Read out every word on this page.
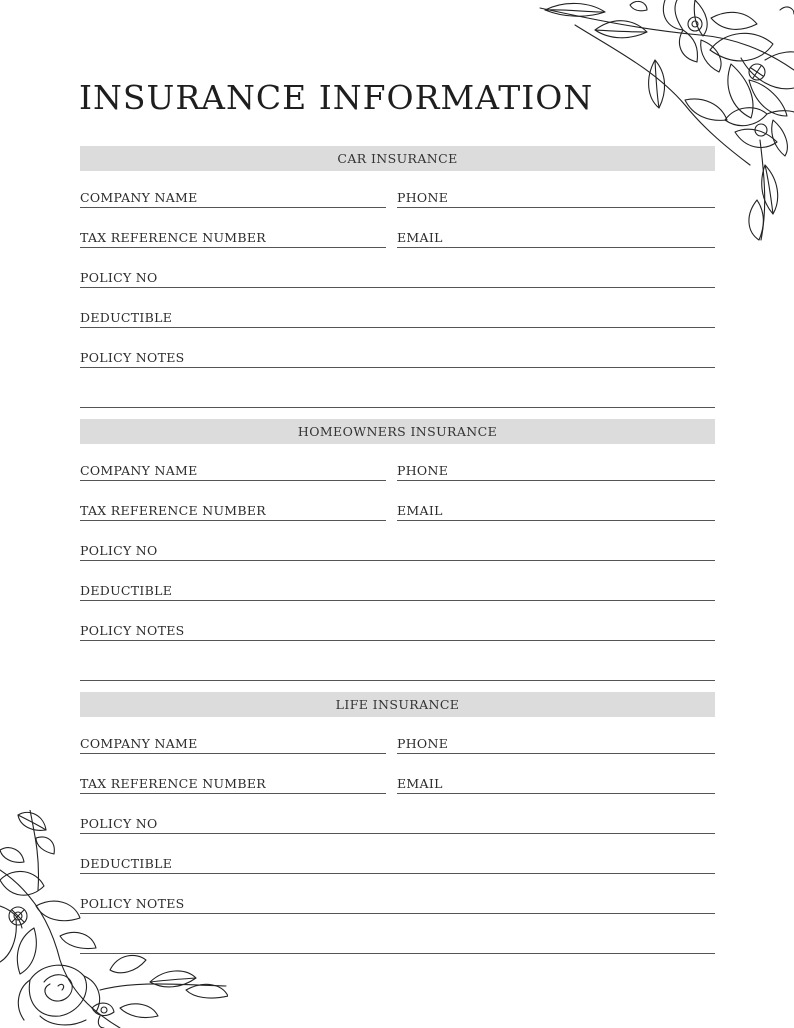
INSURANCE INFORMATION
CAR INSURANCE
COMPANY NAME	PHONE
TAX REFERENCE NUMBER	EMAIL
POLICY NO
DEDUCTIBLE
POLICY NOTES
HOMEOWNERS INSURANCE
COMPANY NAME	PHONE
TAX REFERENCE NUMBER	EMAIL
POLICY NO
DEDUCTIBLE
POLICY NOTES
LIFE INSURANCE
COMPANY NAME	PHONE
TAX REFERENCE NUMBER	EMAIL
POLICY NO
DEDUCTIBLE
POLICY NOTES
